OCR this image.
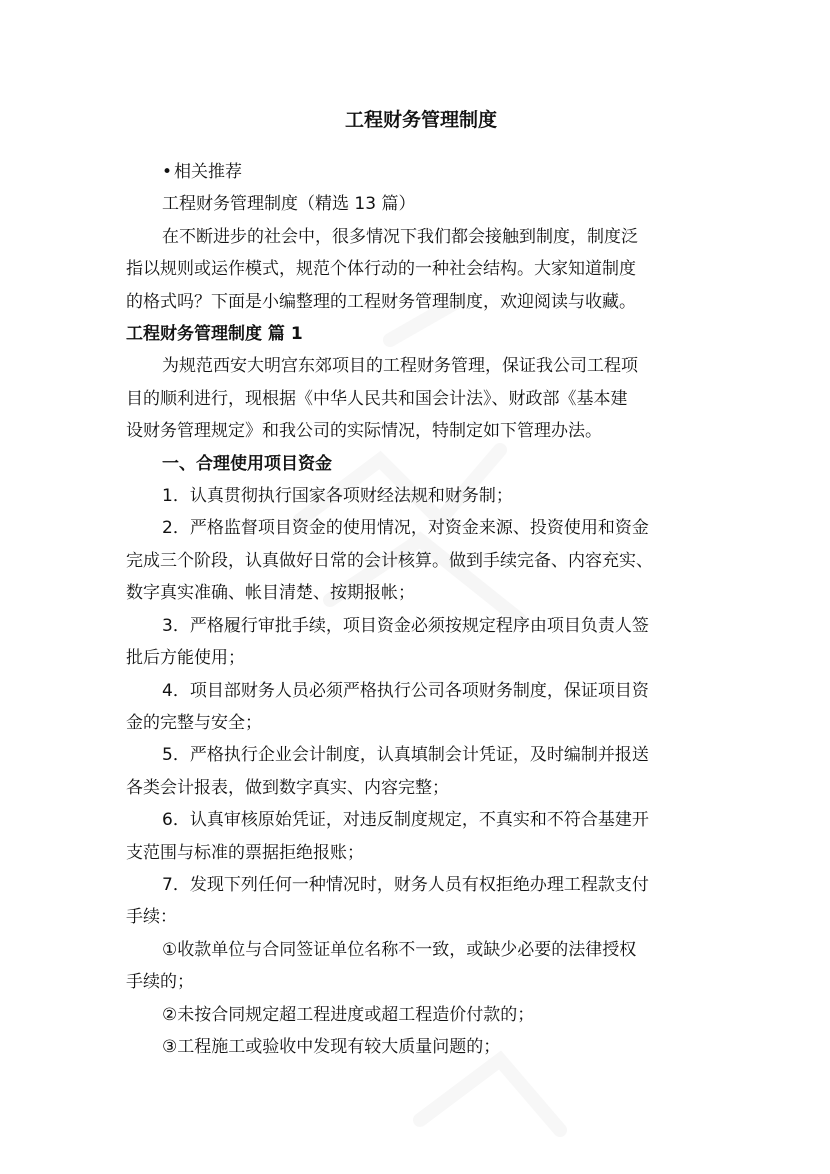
工程财务管理制度

• 相关推荐

工程财务管理制度（精选 13 篇）

在不断进步的社会中，很多情况下我们都会接触到制度，制度泛

指以规则或运作模式，规范个体行动的一种社会结构。大家知道制度

的格式吗？下面是小编整理的工程财务管理制度，欢迎阅读与收藏。

工程财务管理制度 篇 1

为规范西安大明宫东郊项目的工程财务管理，保证我公司工程项

目的顺利进行，现根据《中华人民共和国会计法》、财政部《基本建

设财务管理规定》和我公司的实际情况，特制定如下管理办法。

一、合理使用项目资金

1．认真贯彻执行国家各项财经法规和财务制；

2．严格监督项目资金的使用情况，对资金来源、投资使用和资金

完成三个阶段，认真做好日常的会计核算。做到手续完备、内容充实、

数字真实准确、帐目清楚、按期报帐；

3．严格履行审批手续，项目资金必须按规定程序由项目负责人签

批后方能使用；

4．项目部财务人员必须严格执行公司各项财务制度，保证项目资

金的完整与安全；

5．严格执行企业会计制度，认真填制会计凭证，及时编制并报送

各类会计报表，做到数字真实、内容完整；

6．认真审核原始凭证，对违反制度规定，不真实和不符合基建开

支范围与标准的票据拒绝报账；

7．发现下列任何一种情况时，财务人员有权拒绝办理工程款支付

手续：

①收款单位与合同签证单位名称不一致，或缺少必要的法律授权

手续的；

②未按合同规定超工程进度或超工程造价付款的；

③工程施工或验收中发现有较大质量问题的；
